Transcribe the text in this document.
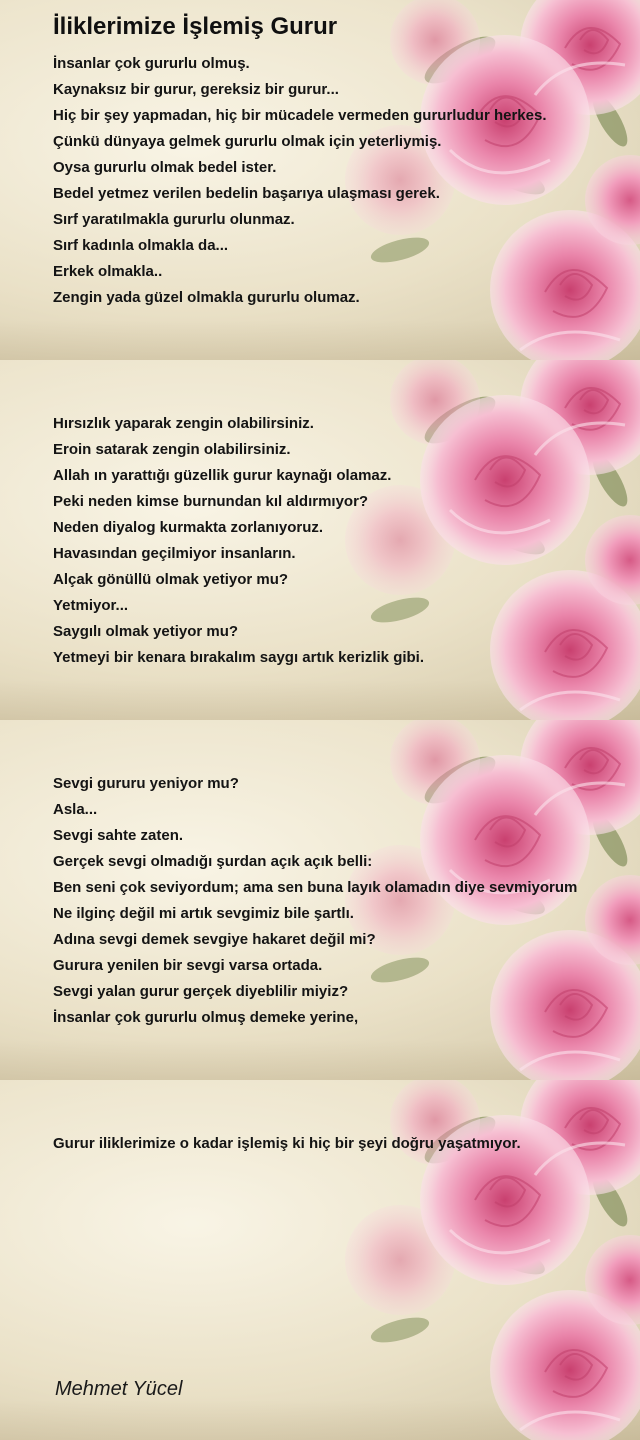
İliklerimize İşlemiş Gurur
İnsanlar çok gururlu olmuş.
Kaynaksız bir gurur, gereksiz bir gurur...
Hiç bir şey yapmadan, hiç bir mücadele vermeden gururludur herkes.
Çünkü dünyaya gelmek gururlu olmak için yeterliymiş.
Oysa gururlu olmak bedel ister.
Bedel yetmez verilen bedelin başarıya ulaşması gerek.
Sırf yaratılmakla gururlu olunmaz.
Sırf kadınla olmakla da...
Erkek olmakla..
Zengin yada güzel olmakla gururlu olumaz.
Hırsızlık yaparak zengin olabilirsiniz.
Eroin satarak zengin olabilirsiniz.
Allah ın yarattığı güzellik gurur kaynağı olamaz.
Peki neden kimse burnundan kıl aldırmıyor?
Neden diyalog kurmakta zorlanıyoruz.
Havasından geçilmiyor insanların.
Alçak gönüllü olmak yetiyor mu?
Yetmiyor...
Saygılı olmak yetiyor mu?
Yetmeyi bir kenara bırakalım saygı artık kerizlik gibi.
Sevgi gururu yeniyor mu?
Asla...
Sevgi sahte zaten.
Gerçek sevgi olmadığı şurdan açık açık belli:
Ben seni çok seviyordum; ama sen buna layık olamadın diye sevmiyorum
Ne ilginç değil mi artık sevgimiz bile şartlı.
Adına sevgi demek sevgiye hakaret değil mi?
Gurura yenilen bir sevgi varsa ortada.
Sevgi yalan gurur gerçek diyeblilir miyiz?
İnsanlar çok gururlu olmuş demeke yerine,
Gurur iliklerimize o kadar işlemiş ki hiç bir şeyi doğru yaşatmıyor.
Mehmet Yücel
